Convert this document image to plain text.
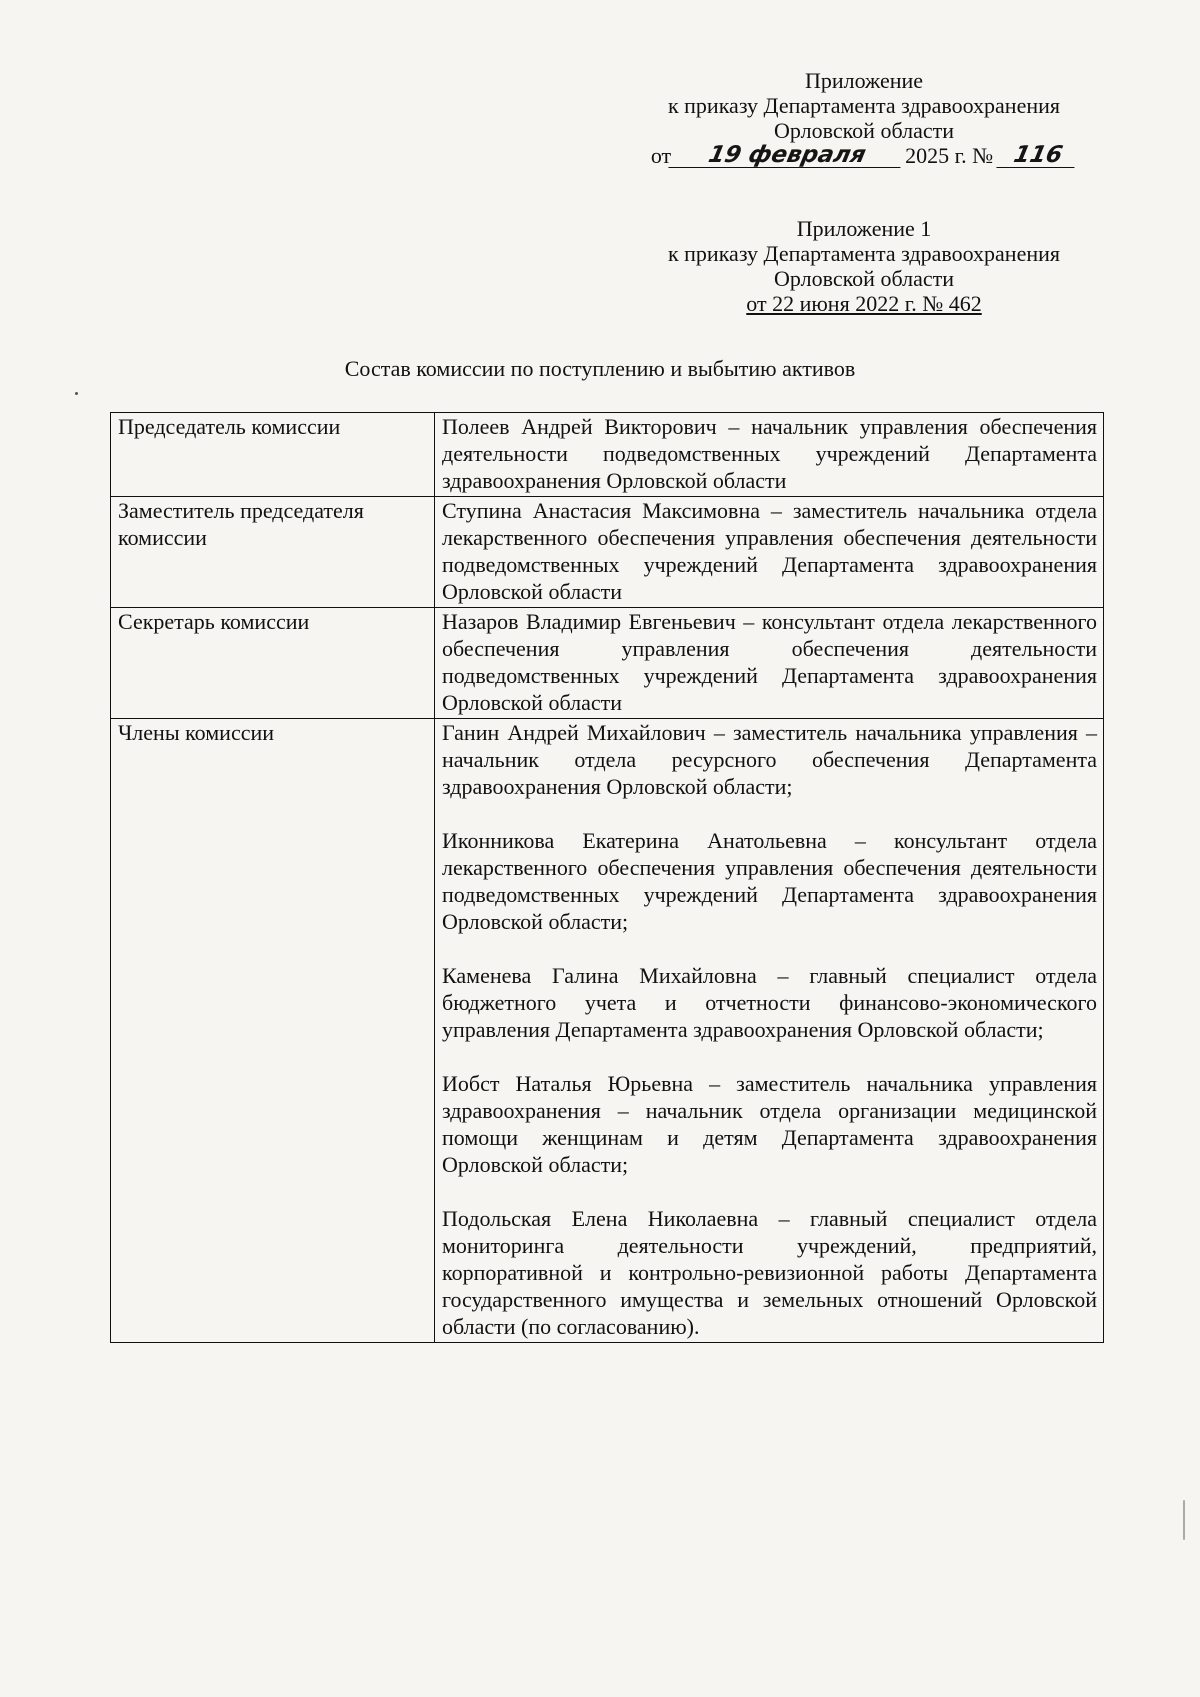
Приложение
к приказу Департамента здравоохранения
Орловской области
от	19 февраля	2025 г. № 116
Приложение 1
к приказу Департамента здравоохранения
Орловской области
от 22 июня 2022 г. № 462
Состав комиссии по поступлению и выбытию активов
Председатель комиссии	Полеев Андрей Викторович – начальник управления обеспечения деятельности подведомственных учреждений Департамента здравоохранения Орловской области
Заместитель председателя комиссии	Ступина Анастасия Максимовна – заместитель начальника отдела лекарственного обеспечения управления обеспечения деятельности подведомственных учреждений Департамента здравоохранения Орловской области
Секретарь комиссии	Назаров Владимир Евгеньевич – консультант отдела лекарственного обеспечения управления обеспечения деятельности подведомственных учреждений Департамента здравоохранения Орловской области
Члены комиссии	Ганин Андрей Михайлович – заместитель начальника управления – начальник отдела ресурсного обеспечения Департамента здравоохранения Орловской области;

Иконникова Екатерина Анатольевна – консультант отдела лекарственного обеспечения управления обеспечения деятельности подведомственных учреждений Департамента здравоохранения Орловской области;

Каменева Галина Михайловна – главный специалист отдела бюджетного учета и отчетности финансово-экономического управления Департамента здравоохранения Орловской области;

Иобст Наталья Юрьевна – заместитель начальника управления здравоохранения – начальник отдела организации медицинской помощи женщинам и детям Департамента здравоохранения Орловской области;

Подольская Елена Николаевна – главный специалист отдела мониторинга деятельности учреждений, предприятий, корпоративной и контрольно-ревизионной работы Департамента государственного имущества и земельных отношений Орловской области (по согласованию).
